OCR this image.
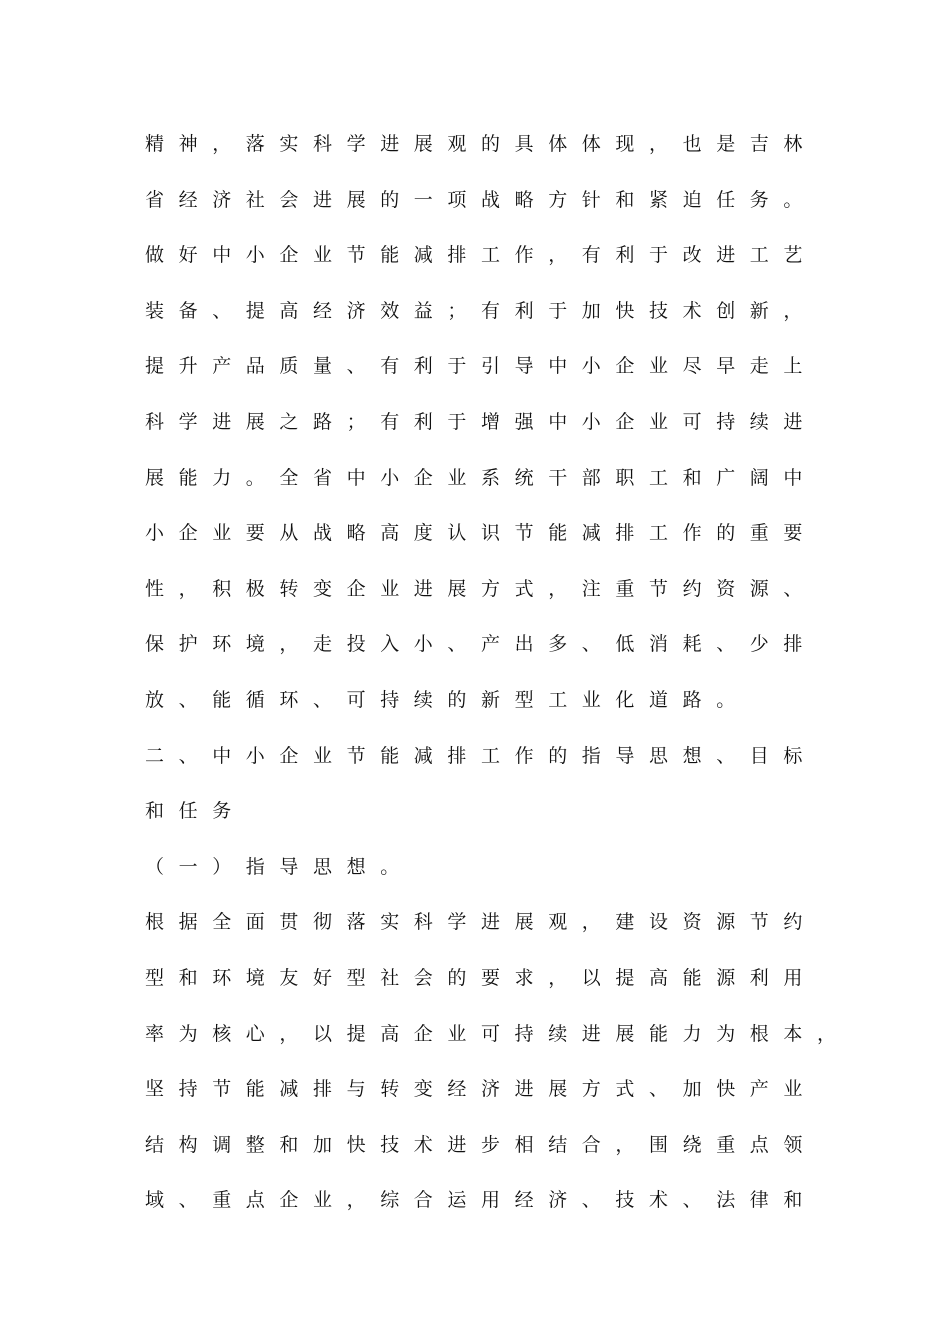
精神，落实科学进展观的具体体现，也是吉林
省经济社会进展的一项战略方针和紧迫任务。
做好中小企业节能减排工作，有利于改进工艺
装备、提高经济效益；有利于加快技术创新，
提升产品质量、有利于引导中小企业尽早走上
科学进展之路；有利于增强中小企业可持续进
展能力。全省中小企业系统干部职工和广阔中
小企业要从战略高度认识节能减排工作的重要
性，积极转变企业进展方式，注重节约资源、
保护环境，走投入小、产出多、低消耗、少排
放、能循环、可持续的新型工业化道路。
二、中小企业节能减排工作的指导思想、目标
和任务
（一）指导思想。
根据全面贯彻落实科学进展观，建设资源节约
型和环境友好型社会的要求，以提高能源利用
率为核心，以提高企业可持续进展能力为根本，
坚持节能减排与转变经济进展方式、加快产业
结构调整和加快技术进步相结合，围绕重点领
域、重点企业，综合运用经济、技术、法律和
